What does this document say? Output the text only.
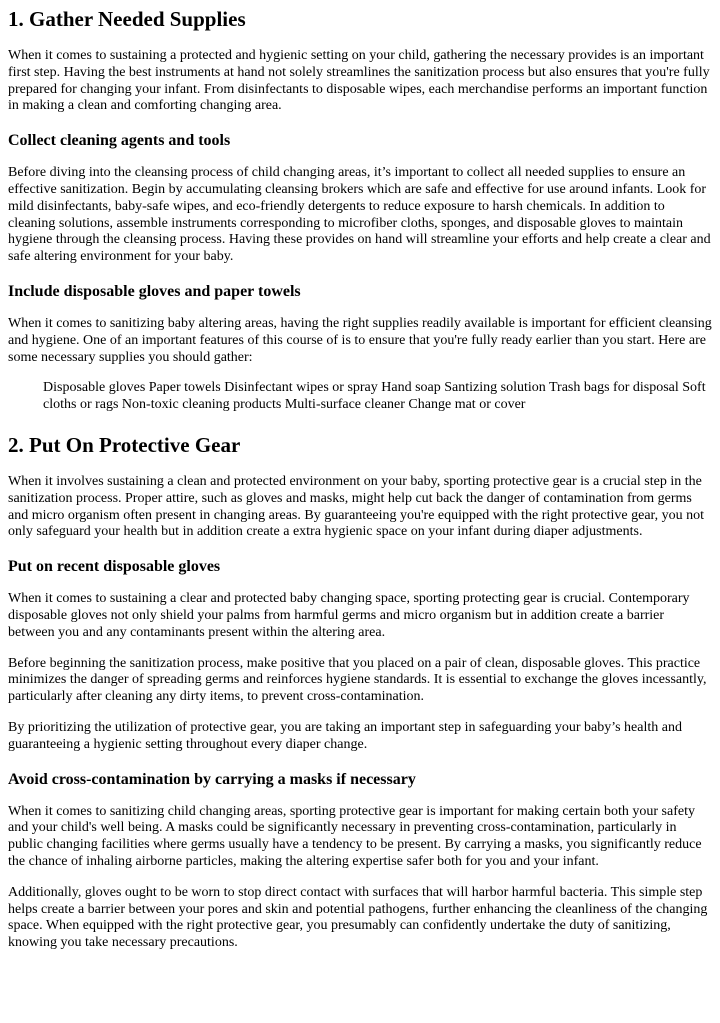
1. Gather Needed Supplies

When it comes to sustaining a protected and hygienic setting on your child, gathering the necessary provides is an important first step. Having the best instruments at hand not solely streamlines the sanitization process but also ensures that you're fully prepared for changing your infant. From disinfectants to disposable wipes, each merchandise performs an important function in making a clean and comforting changing area.

Collect cleaning agents and tools

Before diving into the cleansing process of child changing areas, it’s important to collect all needed supplies to ensure an effective sanitization. Begin by accumulating cleansing brokers which are safe and effective for use around infants. Look for mild disinfectants, baby-safe wipes, and eco-friendly detergents to reduce exposure to harsh chemicals. In addition to cleaning solutions, assemble instruments corresponding to microfiber cloths, sponges, and disposable gloves to maintain hygiene through the cleansing process. Having these provides on hand will streamline your efforts and help create a clear and safe altering environment for your baby.

Include disposable gloves and paper towels

When it comes to sanitizing baby altering areas, having the right supplies readily available is important for efficient cleansing and hygiene. One of an important features of this course of is to ensure that you're fully ready earlier than you start. Here are some necessary supplies you should gather:

Disposable gloves Paper towels Disinfectant wipes or spray Hand soap Santizing solution Trash bags for disposal Soft cloths or rags Non-toxic cleaning products Multi-surface cleaner Change mat or cover
2. Put On Protective Gear

When it involves sustaining a clean and protected environment on your baby, sporting protective gear is a crucial step in the sanitization process. Proper attire, such as gloves and masks, might help cut back the danger of contamination from germs and micro organism often present in changing areas. By guaranteeing you're equipped with the right protective gear, you not only safeguard your health but in addition create a extra hygienic space on your infant during diaper adjustments.

Put on recent disposable gloves

When it comes to sustaining a clear and protected baby changing space, sporting protecting gear is crucial. Contemporary disposable gloves not only shield your palms from harmful germs and micro organism but in addition create a barrier between you and any contaminants present within the altering area.

Before beginning the sanitization process, make positive that you placed on a pair of clean, disposable gloves. This practice minimizes the danger of spreading germs and reinforces hygiene standards. It is essential to exchange the gloves incessantly, particularly after cleaning any dirty items, to prevent cross-contamination.

By prioritizing the utilization of protective gear, you are taking an important step in safeguarding your baby’s health and guaranteeing a hygienic setting throughout every diaper change.

Avoid cross-contamination by carrying a masks if necessary

When it comes to sanitizing child changing areas, sporting protective gear is important for making certain both your safety and your child's well being. A masks could be significantly necessary in preventing cross-contamination, particularly in public changing facilities where germs usually have a tendency to be present. By carrying a masks, you significantly reduce the chance of inhaling airborne particles, making the altering expertise safer both for you and your infant.

Additionally, gloves ought to be worn to stop direct contact with surfaces that will harbor harmful bacteria. This simple step helps create a barrier between your pores and skin and potential pathogens, further enhancing the cleanliness of the changing space. When equipped with the right protective gear, you presumably can confidently undertake the duty of sanitizing, knowing you take necessary precautions.
